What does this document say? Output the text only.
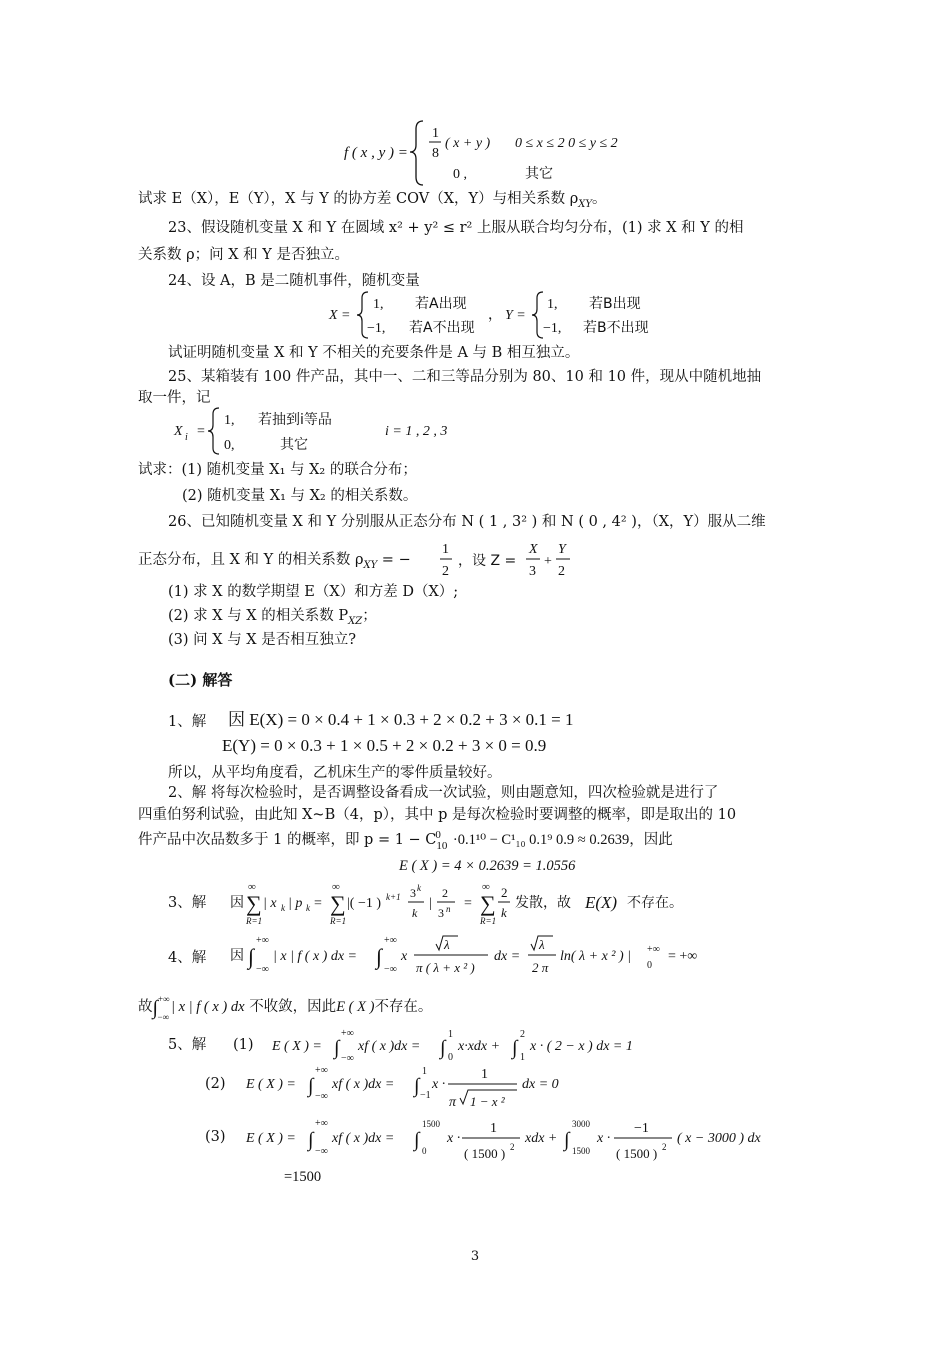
f ( x , y ) =
1
8
( x + y ) 0 ≤ x ≤ 2 0 ≤ y ≤ 2
0 ,	其它
试求 E（X），E（Y），X 与 Y 的协方差 COV（X，Y）与相关系数 $\rho_{XY}$。
23、假设随机变量 X 和 Y 在圆域 x² + y² ≤ r² 上服从联合均匀分布，(1) 求 X 和 Y 的相
关系数 ρ；问 X 和 Y 是否独立。
24、设 A，B 是二随机事件，随机变量
X =
1, 若A出现
−1, 若A不出现
， Y =
1, 若B出现
−1, 若B不出现
试证明随机变量 X 和 Y 不相关的充要条件是 A 与 B 相互独立。
25、某箱装有 100 件产品，其中一、二和三等品分别为 80、10 和 10 件，现从中随机地抽
取一件，记
X i =
1, 若抽到i等品
0,	其它
i = 1 , 2 , 3
试求：(1) 随机变量 X₁ 与 X₂ 的联合分布；
(2) 随机变量 X₁ 与 X₂ 的相关系数。
26、已知随机变量 X 和 Y 分别服从正态分布 N ( 1 , 3² ) 和 N ( 0 , 4² )，（X，Y）服从二维
正态分布，且 X 和 Y 的相关系数 $\rho_{XY}$ = −
1
2
，设 Z =
X
3
+
Y
2
(1) 求 X 的数学期望 E（X）和方差 D（X）;
(2) 求 X 与 X 的相关系数 $P_{XZ}$；
(3) 问 X 与 X 是否相互独立?
(二) 解答
1、解 因 E(X) = 0 × 0.4 + 1 × 0.3 + 2 × 0.2 + 3 × 0.1 = 1
E(Y) = 0 × 0.3 + 1 × 0.5 + 2 × 0.2 + 3 × 0 = 0.9
所以，从平均角度看，乙机床生产的零件质量较好。
2、解 将每次检验时，是否调整设备看成一次试验，则由题意知，四次检验就是进行了
四重伯努利试验，由此知 X~B（4，p），其中 p 是每次检验时要调整的概率，即是取出的 10
件产品中次品数多于 1 的概率，即 $p = 1 - C_{10}^0 \cdot 0.1^{10} - C^1_{10}$ 0.1⁹ 0.9 ≈ 0.2639，因此
E ( X ) = 4 × 0.2639 = 1.0556
3、解 因
∞
∑
R=1
| x k | p k =
∞
∑
R=1
|( −1 ) k+1 3 k
k
|
2
3 n =
∞
∑
R=1
2
k
发散，故 E(X) 不存在。
4、解 因 ∫
+∞
−∞
| x | f ( x ) dx = ∫
+∞
−∞
x
λ
π ( λ + x ² )
dx =
λ
2 π
ln( λ + x ² ) | +∞
0
= +∞
故$\int^{+\infty}_{-\infty}|$ x | f ( x ) dx 不收敛，因此E ( X )不存在。
5、解 (1) E ( X ) = ∫
+∞
−∞
xf ( x )dx = ∫
1
0
x·xdx + ∫
2
1
x · ( 2 − x ) dx = 1
(2) E ( X ) = ∫
+∞
−∞
xf ( x )dx = ∫
1
−1
x ·
1
π 1 − x ²
dx = 0
(3) E ( X ) = ∫
+∞
−∞
xf ( x )dx = ∫
1500
0
x ·
1
( 1500 ) 2
xdx + ∫
3000
1500
x ·
−1
( 1500 ) 2
( x − 3000 ) dx
=1500
3
